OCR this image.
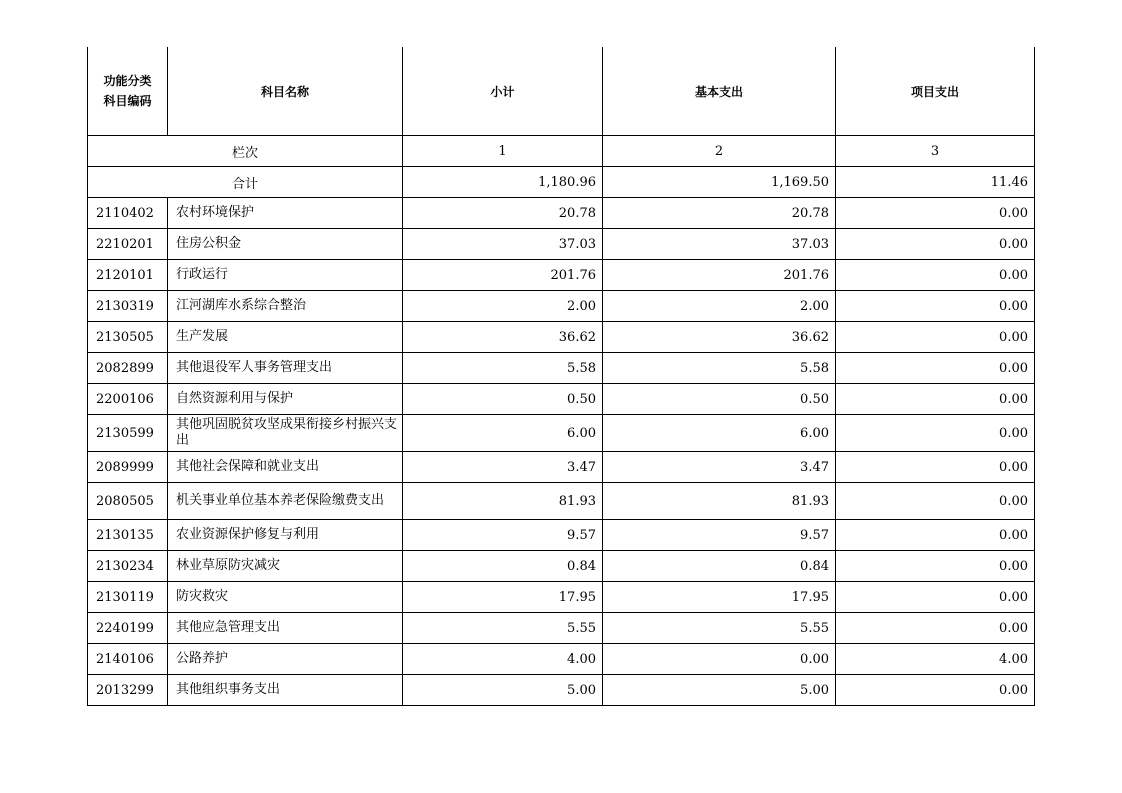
功能分类
科目编码	科目名称	小计	基本支出	项目支出
栏次		1	2	3
合计		1,180.96	1,169.50	11.46
2110402	农村环境保护	20.78	20.78	0.00
2210201	住房公积金	37.03	37.03	0.00
2120101	行政运行	201.76	201.76	0.00
2130319	江河湖库水系综合整治	2.00	2.00	0.00
2130505	生产发展	36.62	36.62	0.00
2082899	其他退役军人事务管理支出	5.58	5.58	0.00
2200106	自然资源利用与保护	0.50	0.50	0.00
2130599	其他巩固脱贫攻坚成果衔接乡村振兴支出	6.00	6.00	0.00
2089999	其他社会保障和就业支出	3.47	3.47	0.00
2080505	机关事业单位基本养老保险缴费支出	81.93	81.93	0.00
2130135	农业资源保护修复与利用	9.57	9.57	0.00
2130234	林业草原防灾减灾	0.84	0.84	0.00
2130119	防灾救灾	17.95	17.95	0.00
2240199	其他应急管理支出	5.55	5.55	0.00
2140106	公路养护	4.00	0.00	4.00
2013299	其他组织事务支出	5.00	5.00	0.00
